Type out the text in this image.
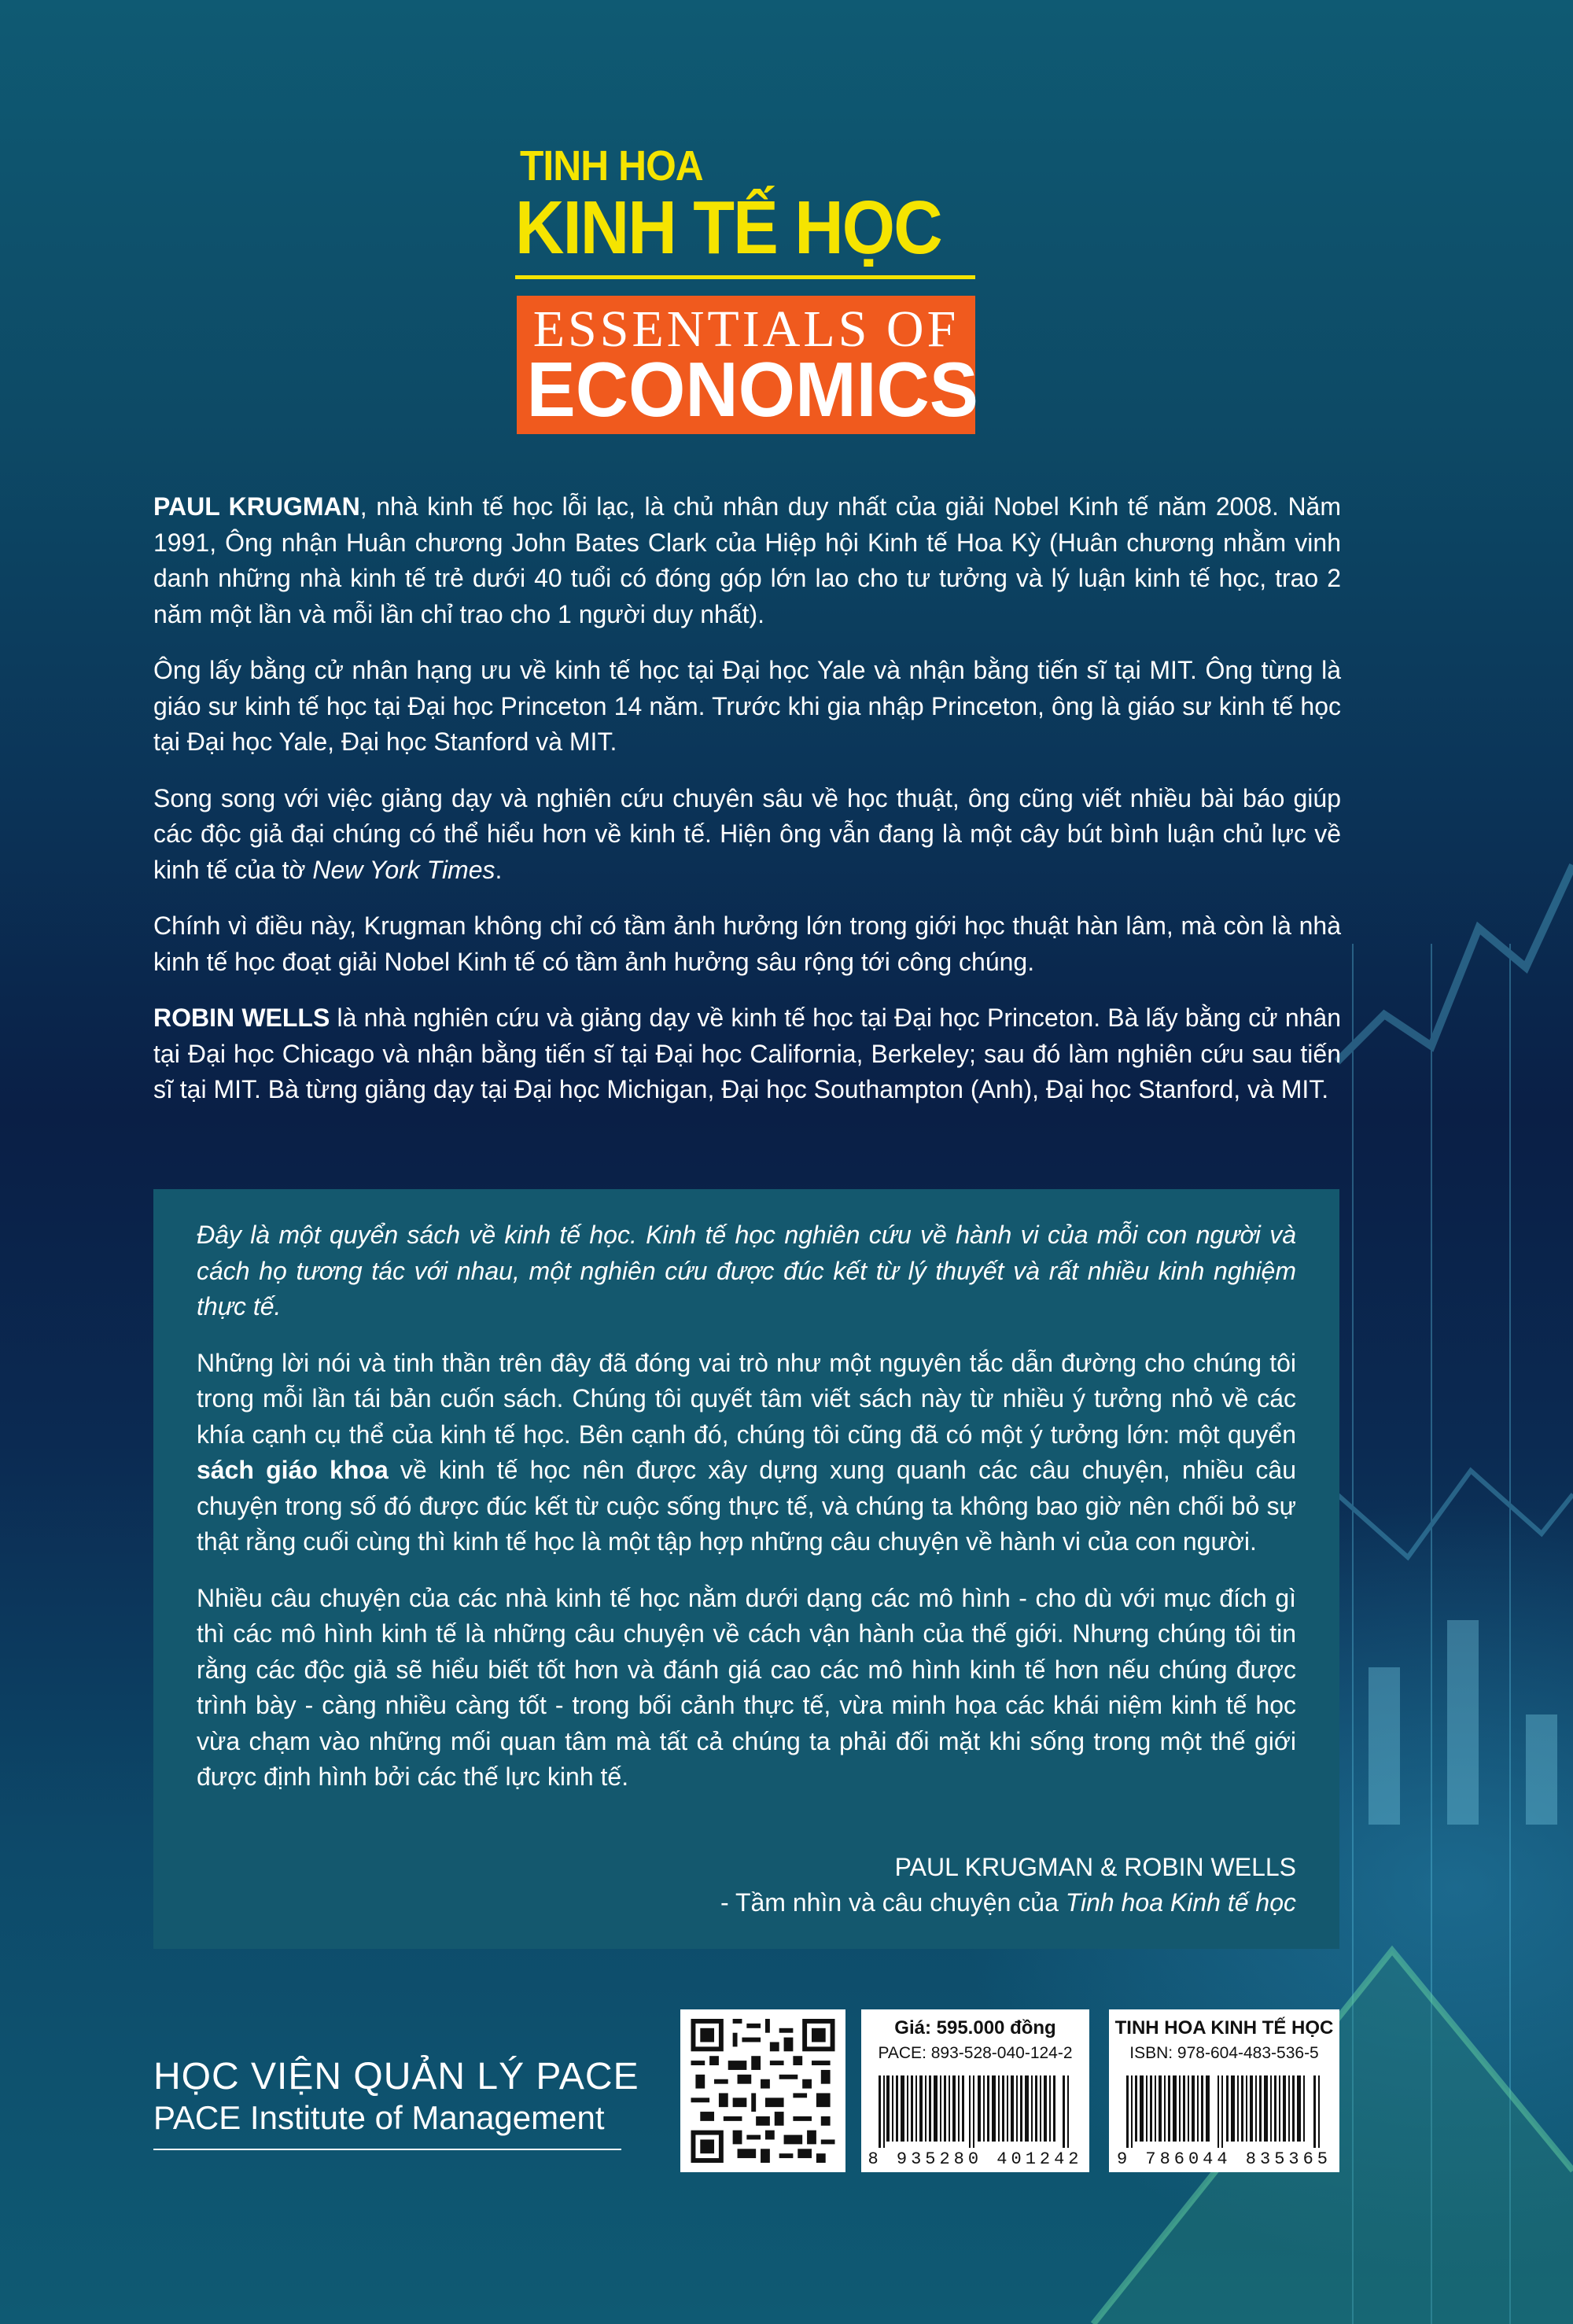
TINH HOA
KINH TẾ HỌC
ESSENTIALS OF
ECONOMICS

PAUL KRUGMAN, nhà kinh tế học lỗi lạc, là chủ nhân duy nhất của giải Nobel Kinh tế năm 2008. Năm 1991, Ông nhận Huân chương John Bates Clark của Hiệp hội Kinh tế Hoa Kỳ (Huân chương nhằm vinh danh những nhà kinh tế trẻ dưới 40 tuổi có đóng góp lớn lao cho tư tưởng và lý luận kinh tế học, trao 2 năm một lần và mỗi lần chỉ trao cho 1 người duy nhất).

Ông lấy bằng cử nhân hạng ưu về kinh tế học tại Đại học Yale và nhận bằng tiến sĩ tại MIT. Ông từng là giáo sư kinh tế học tại Đại học Princeton 14 năm. Trước khi gia nhập Princeton, ông là giáo sư kinh tế học tại Đại học Yale, Đại học Stanford và MIT.

Song song với việc giảng dạy và nghiên cứu chuyên sâu về học thuật, ông cũng viết nhiều bài báo giúp các độc giả đại chúng có thể hiểu hơn về kinh tế. Hiện ông vẫn đang là một cây bút bình luận chủ lực về kinh tế của tờ New York Times.

Chính vì điều này, Krugman không chỉ có tầm ảnh hưởng lớn trong giới học thuật hàn lâm, mà còn là nhà kinh tế học đoạt giải Nobel Kinh tế có tầm ảnh hưởng sâu rộng tới công chúng.

ROBIN WELLS là nhà nghiên cứu và giảng dạy về kinh tế học tại Đại học Princeton. Bà lấy bằng cử nhân tại Đại học Chicago và nhận bằng tiến sĩ tại Đại học California, Berkeley; sau đó làm nghiên cứu sau tiến sĩ tại MIT. Bà từng giảng dạy tại Đại học Michigan, Đại học Southampton (Anh), Đại học Stanford, và MIT.

Đây là một quyển sách về kinh tế học. Kinh tế học nghiên cứu về hành vi của mỗi con người và cách họ tương tác với nhau, một nghiên cứu được đúc kết từ lý thuyết và rất nhiều kinh nghiệm thực tế.

Những lời nói và tinh thần trên đây đã đóng vai trò như một nguyên tắc dẫn đường cho chúng tôi trong mỗi lần tái bản cuốn sách. Chúng tôi quyết tâm viết sách này từ nhiều ý tưởng nhỏ về các khía cạnh cụ thể của kinh tế học. Bên cạnh đó, chúng tôi cũng đã có một ý tưởng lớn: một quyển sách giáo khoa về kinh tế học nên được xây dựng xung quanh các câu chuyện, nhiều câu chuyện trong số đó được đúc kết từ cuộc sống thực tế, và chúng ta không bao giờ nên chối bỏ sự thật rằng cuối cùng thì kinh tế học là một tập hợp những câu chuyện về hành vi của con người.

Nhiều câu chuyện của các nhà kinh tế học nằm dưới dạng các mô hình - cho dù với mục đích gì thì các mô hình kinh tế là những câu chuyện về cách vận hành của thế giới. Nhưng chúng tôi tin rằng các độc giả sẽ hiểu biết tốt hơn và đánh giá cao các mô hình kinh tế hơn nếu chúng được trình bày - càng nhiều càng tốt - trong bối cảnh thực tế, vừa minh họa các khái niệm kinh tế học vừa chạm vào những mối quan tâm mà tất cả chúng ta phải đối mặt khi sống trong một thế giới được định hình bởi các thế lực kinh tế.

PAUL KRUGMAN & ROBIN WELLS
- Tầm nhìn và câu chuyện của Tinh hoa Kinh tế học
HỌC VIỆN QUẢN LÝ PACE
PACE Institute of Management
Giá: 595.000 đồng
PACE: 893-528-040-124-2
8 935280 401242
TINH HOA KINH TẾ HỌC
ISBN: 978-604-483-536-5
9 786044 835365
